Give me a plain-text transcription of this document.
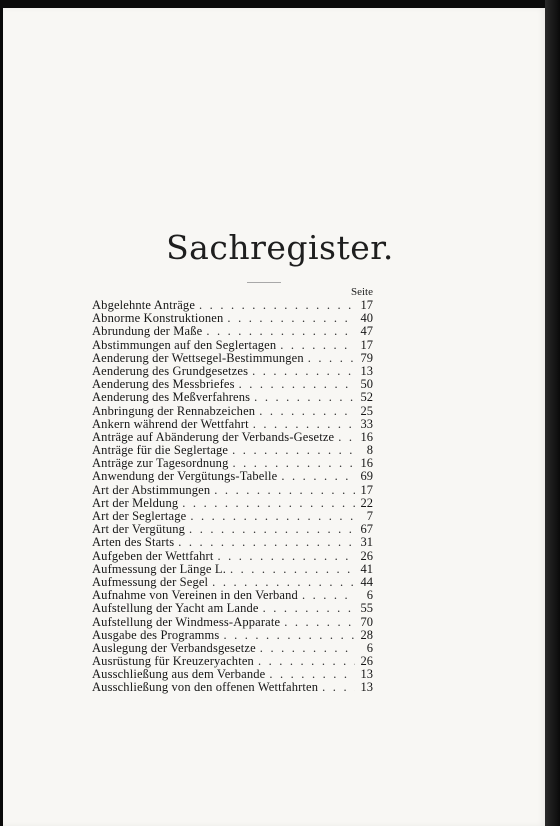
Sachregister.
Seite
Abgelehnte Anträge . . .	17
Abnorme Konstruktionen . . .	40
Abrundung der Maße . . .	47
Abstimmungen auf den Seglertagen . . .	17
Aenderung der Wettsegel-Bestimmungen . . .	79
Aenderung des Grundgesetzes . . .	13
Aenderung des Messbriefes . . .	50
Aenderung des Meßverfahrens . . .	52
Anbringung der Rennabzeichen . . .	25
Ankern während der Wettfahrt . . .	33
Anträge auf Abänderung der Verbands-Gesetze . . .	16
Anträge für die Seglertage . . .	8
Anträge zur Tagesordnung . . .	16
Anwendung der Vergütungs-Tabelle . . .	69
Art der Abstimmungen . . .	17
Art der Meldung . . .	22
Art der Seglertage . . .	7
Art der Vergütung . . .	67
Arten des Starts . . .	31
Aufgeben der Wettfahrt . . .	26
Aufmessung der Länge L. . . .	41
Aufmessung der Segel . . .	44
Aufnahme von Vereinen in den Verband . . .	6
Aufstellung der Yacht am Lande . . .	55
Aufstellung der Windmess-Apparate . . .	70
Ausgabe des Programms . . .	28
Auslegung der Verbandsgesetze . . .	6
Ausrüstung für Kreuzeryachten . . .	26
Ausschließung aus dem Verbande . . .	13
Ausschließung von den offenen Wettfahrten . . .	13
